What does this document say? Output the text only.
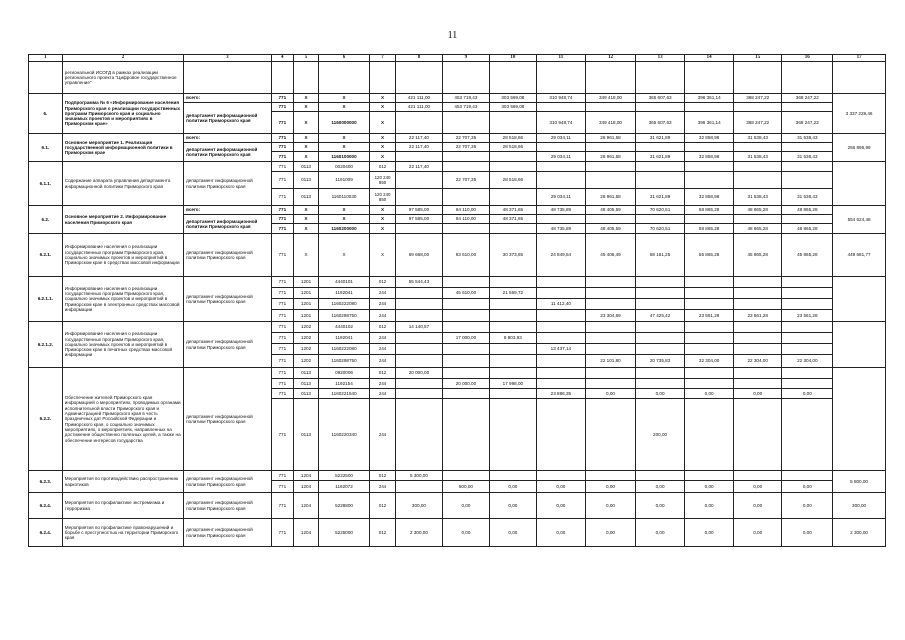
11
1	2	3	4	5	6	7	8	9	10	11	12	13	14	15	16	17
	региональной ИСОГД в рамках реализации регионального проекта "Цифровое государственное управление"															
6.	Подпрограмма № 6 «Информирование населения Приморского края о реализации государственных программ Приморского края и социально значимых проектов и мероприятиях в Приморском крае»	всего:	771	Х	Х	Х	421 111,00	453 719,43	303 569,08	310 948,74	349 418,00	365 607,63	396 361,14	368 247,22	368 247,22	3 337 229,46
		департамент информационной политики Приморского края	771	Х	Х	Х	421 111,00	453 719,43	303 569,08							
			771	Х	1160000000	Х				310 948,74	349 418,00	365 607,63	396 361,14	368 247,22	368 247,22	
6.1.	Основное мероприятие 1. Реализация государственной информационной политики в Приморском крае	всего:	771	Х	Х	Х	22 117,40	22 707,35	28 518,66	29 034,11	26 961,58	31 621,89	32 858,96	31 538,43	31 538,43	256 896,99
		департамент информационной политики Приморского края	771	Х	Х	Х	22 117,40	22 707,35	28 518,66							
			771	Х	1160100000	Х				29 034,11	26 961,58	31 621,89	32 858,96	31 538,43	31 538,43	
6.1.1.	Содержание аппарата управления департамента информационной политики Приморского края	департамент информационной политики Приморского края	771	0113	0020400	012	22 117,40									
			771	0113	1191009	120 240 850		22 707,35	28 518,66							
			771	0113	1160110030	120 240 850				29 034,11	26 961,58	31 621,89	32 858,96	31 538,43	31 538,43	
6.2.	Основное мероприятие 2. Информирование населения Приморского края	всего:	771	Х	Х	Х	97 585,00	84 110,00	48 371,65	48 735,89	48 405,59	70 620,51	58 865,28	48 865,28	48 865,28	554 624,48
		департамент информационной политики Приморского края	771	Х	Х	Х	97 585,00	84 110,00	48 371,65							
			771	Х	1160200000	Х				48 735,89	48 405,59	70 620,51	58 865,28	48 865,28	48 865,28	
6.2.1.	Информирование населения о реализации государственных программ Приморского края, социально значимых проектов и мероприятий в Приморском крае в средствах массовой информации	департамент информационной политики Приморского края	771	Х	Х	Х	69 668,00	63 610,00	30 373,65	24 849,54	45 406,49	68 161,25	55 865,28	45 865,28	45 865,28	449 681,77
6.2.1.1.	Информирование населения о реализации государственных программ Приморского края, социально значимых проектов и мероприятий в Приморском крае в электронных средствах массовой информации	департамент информационной политики Приморского края	771	1201	4440101	012	55 544,43									
			771	1201	1192041	244		45 610,00	21 569,72							
			771	1201	1160222080	244				11 412,40						
			771	1201	1160298750	244					23 304,69	47 425,42	23 561,28	23 561,28	23 561,28	
6.2.1.2.	Информирование населения о реализации государственных программ Приморского края, социально значимых проектов и мероприятий в Приморском крае в печатных средствах массовой информации	департамент информационной политики Приморского края	771	1202	4440102	012	14 140,57									
			771	1202	1192041	244		17 000,00	8 803,93							
			771	1202	1160222080	244				13 437,14						
			771	1202	1160298750	244					22 101,80	20 735,83	32 304,00	22 304,00	22 304,00	
6.2.2.	Обеспечение жителей Приморского края информацией о мероприятиях, проводимых органами исполнительной власти Приморского края и Администрацией Приморского края в честь праздничных дат Российской Федерации и Приморского края, о социально значимых мероприятиях, о мероприятиях, направленных на достижение общественно полезных целей, а также на обеспечение интересов государства	департамент информационной политики Приморского края	771	0113	0920006	012	20 000,00									
			771	0113	1192154	244		20 000,00	17 998,00							
			771	0113	1160221540	244				23 886,35	0,00	0,00	0,00	0,00	0,00	
			771	0113	1160220340	244						200,00				
6.2.3.	Мероприятия по противодействию распространению наркотиков	департамент информационной политики Приморского края	771	1204	5222500	012	5 300,00									5 800,00
			771	1204	1192072	244		500,00	0,00	0,00	0,00	0,00	0,00	0,00	0,00	
6.2.4.	Мероприятия по профилактике экстремизма и терроризма	департамент информационной политики Приморского края	771	1204	5228800	012	300,00	0,00	0,00	0,00	0,00	0,00	0,00	0,00	0,00	300,00
6.2.4.	Мероприятия по профилактике правонарушений и борьбе с преступностью на территории Приморского края	департамент информационной политики Приморского края	771	1204	5225000	012	2 300,00	0,00	0,00	0,00	0,00	0,00	0,00	0,00	0,00	2 300,00
